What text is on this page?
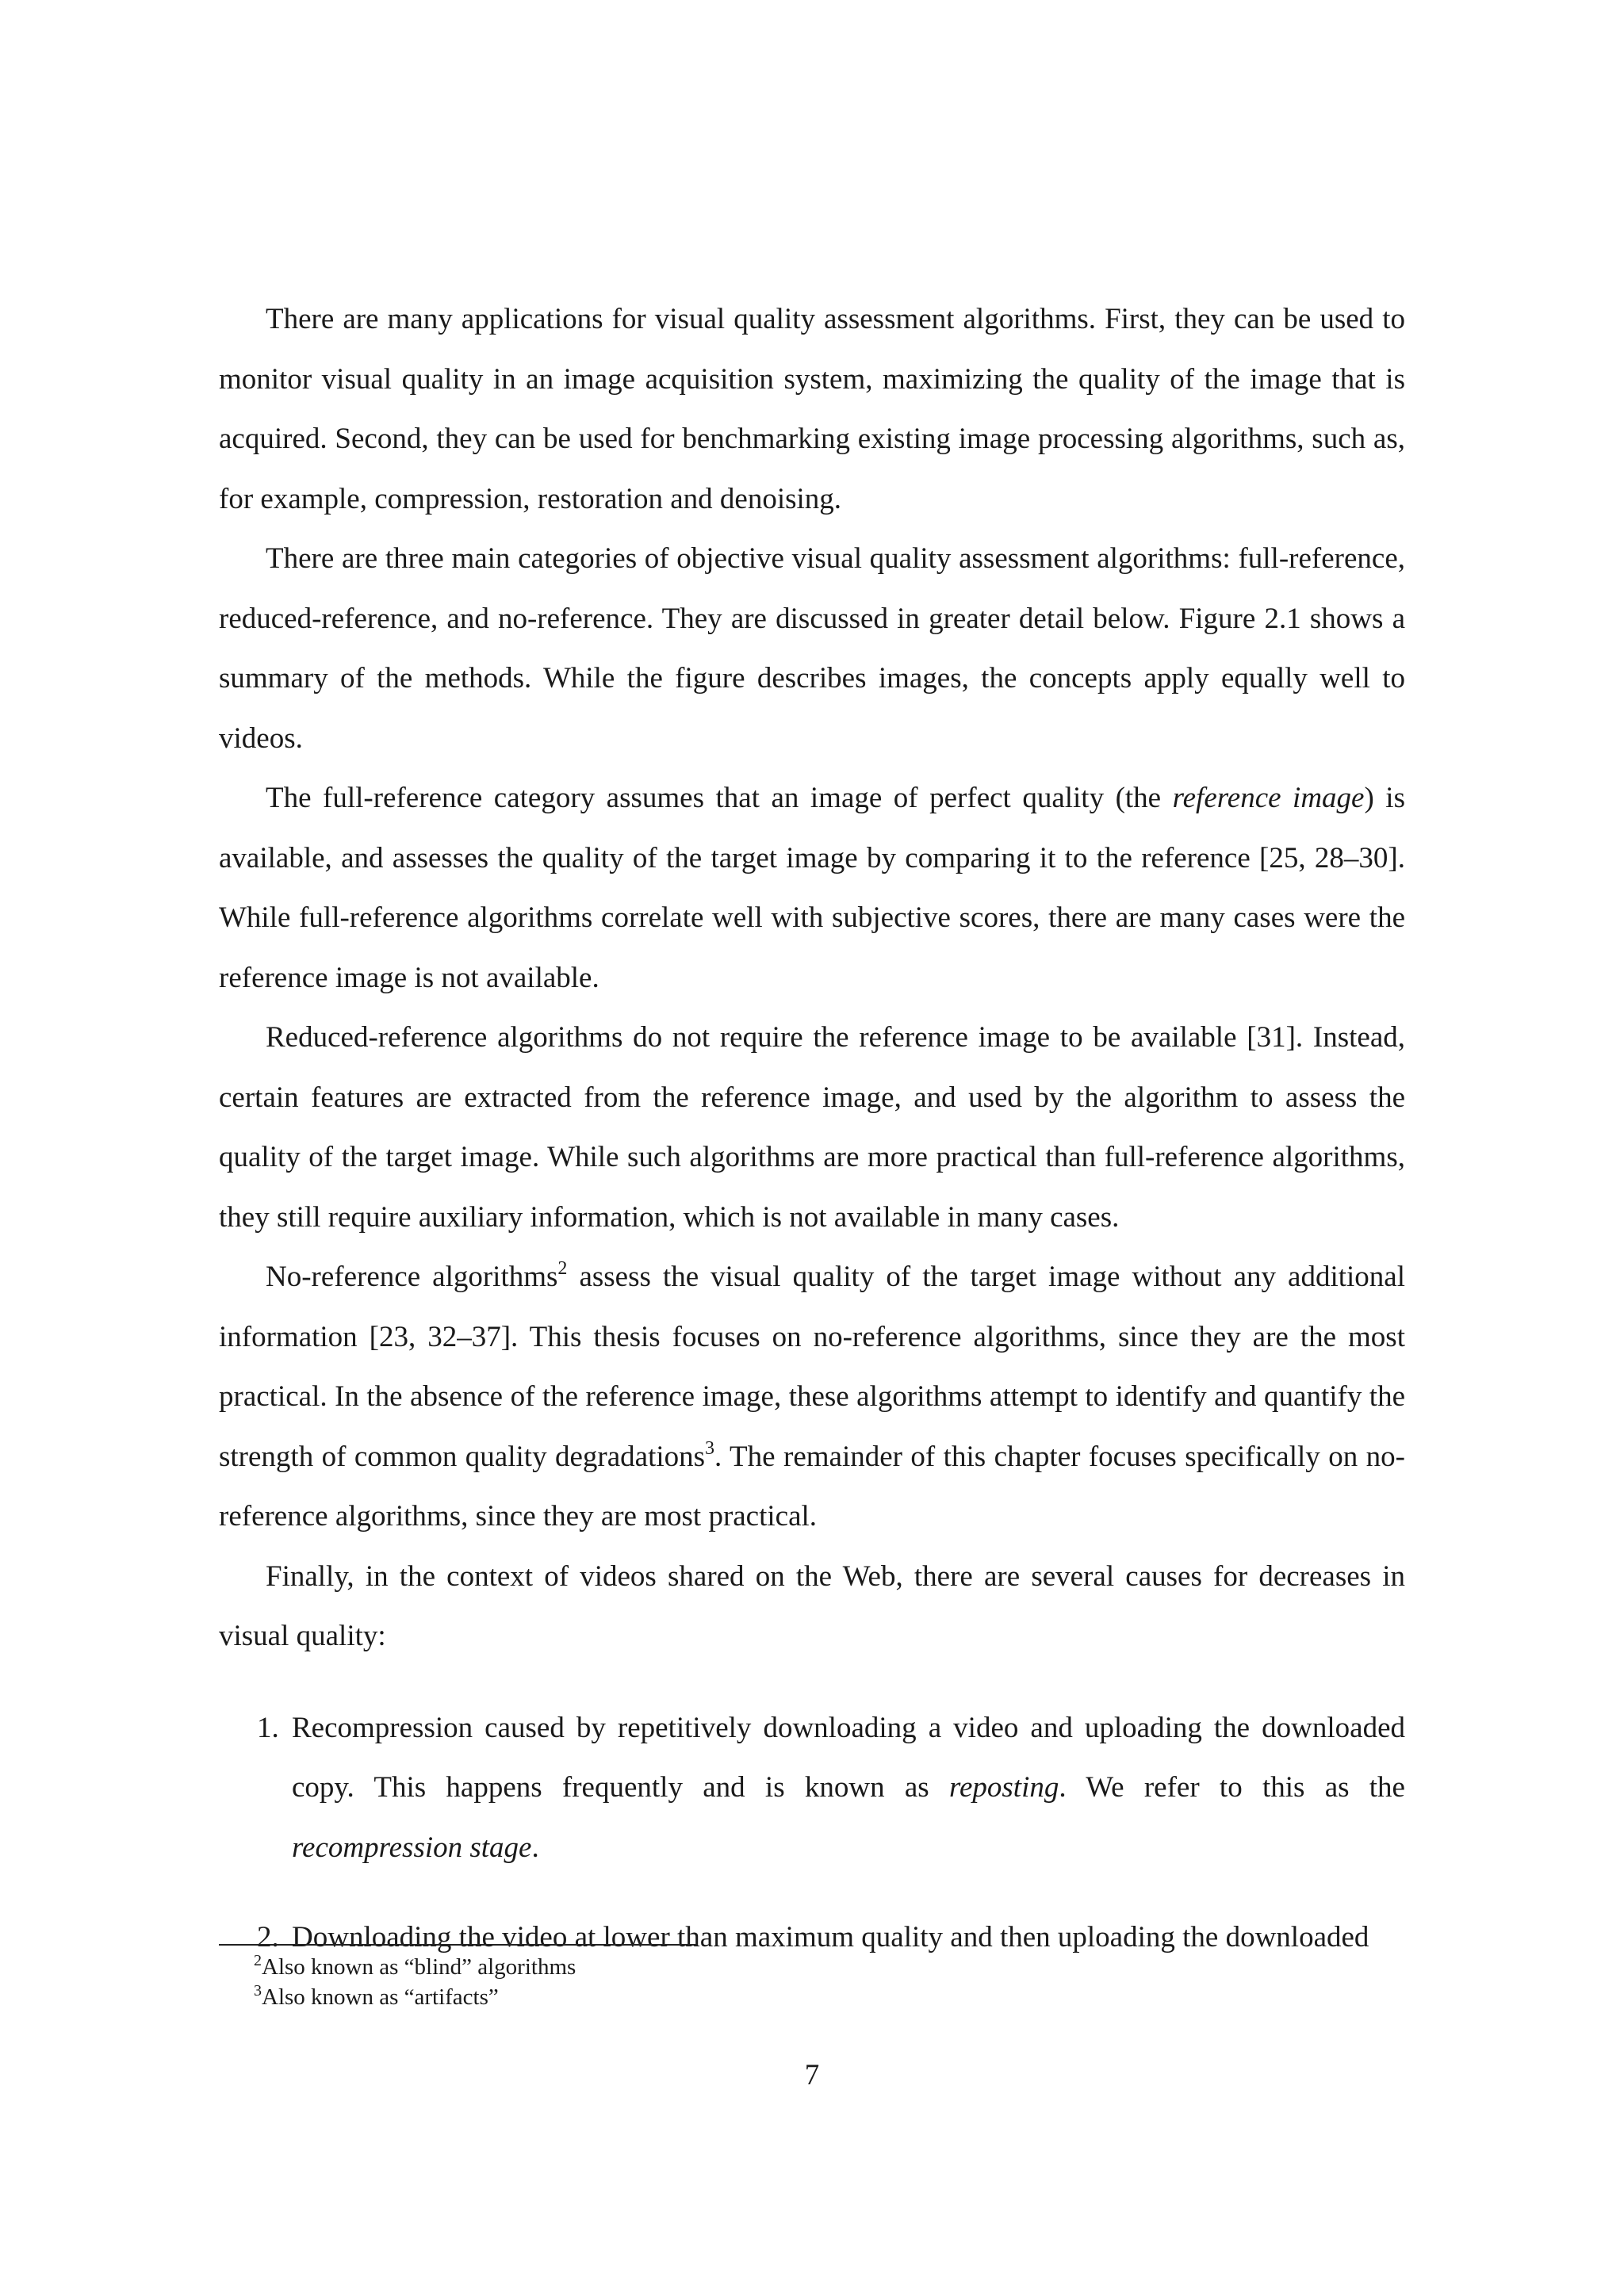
There are many applications for visual quality assessment algorithms. First, they can be used to monitor visual quality in an image acquisition system, maximizing the quality of the image that is acquired. Second, they can be used for benchmarking existing image processing algorithms, such as, for example, compression, restoration and denoising.

There are three main categories of objective visual quality assessment algorithms: full-reference, reduced-reference, and no-reference. They are discussed in greater detail below. Figure 2.1 shows a summary of the methods. While the figure describes images, the concepts apply equally well to videos.

The full-reference category assumes that an image of perfect quality (the reference image) is available, and assesses the quality of the target image by comparing it to the reference [25, 28–30]. While full-reference algorithms correlate well with subjective scores, there are many cases were the reference image is not available.

Reduced-reference algorithms do not require the reference image to be available [31]. Instead, certain features are extracted from the reference image, and used by the algorithm to assess the quality of the target image. While such algorithms are more practical than full-reference algorithms, they still require auxiliary information, which is not available in many cases.

No-reference algorithms$^2$ assess the visual quality of the target image without any additional information [23, 32–37]. This thesis focuses on no-reference algorithms, since they are the most practical. In the absence of the reference image, these algorithms attempt to identify and quantify the strength of common quality degradations$^3$. The remainder of this chapter focuses specifically on no-reference algorithms, since they are most practical.

Finally, in the context of videos shared on the Web, there are several causes for decreases in visual quality:

1. Recompression caused by repetitively downloading a video and uploading the downloaded copy. This happens frequently and is known as reposting. We refer to this as the recompression stage.
2. Downloading the video at lower than maximum quality and then uploading the downloaded
$^2$Also known as “blind” algorithms
$^3$Also known as “artifacts”
7
